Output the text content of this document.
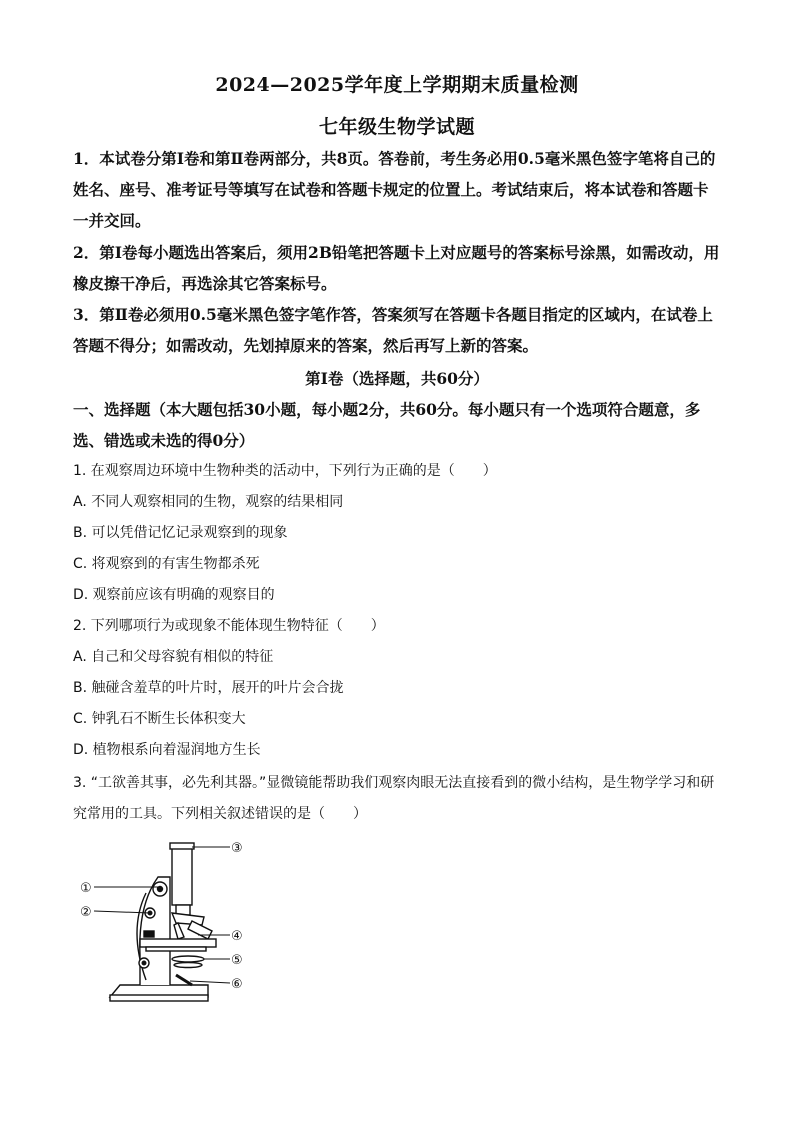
2024—2025学年度上学期期末质量检测
七年级生物学试题
1．本试卷分第Ⅰ卷和第Ⅱ卷两部分，共8页。答卷前，考生务必用0.5毫米黑色签字笔将自己的姓名、座号、准考证号等填写在试卷和答题卡规定的位置上。考试结束后，将本试卷和答题卡一并交回。
2．第Ⅰ卷每小题选出答案后，须用2B铅笔把答题卡上对应题号的答案标号涂黑，如需改动，用橡皮擦干净后，再选涂其它答案标号。
3．第Ⅱ卷必须用0.5毫米黑色签字笔作答，答案须写在答题卡各题目指定的区域内，在试卷上答题不得分；如需改动，先划掉原来的答案，然后再写上新的答案。
第Ⅰ卷（选择题，共60分）
一、选择题（本大题包括30小题，每小题2分，共60分。每小题只有一个选项符合题意，多选、错选或未选的得0分）
1. 在观察周边环境中生物种类的活动中，下列行为正确的是（　　）
A. 不同人观察相同的生物，观察的结果相同
B. 可以凭借记忆记录观察到的现象
C. 将观察到的有害生物都杀死
D. 观察前应该有明确的观察目的
2. 下列哪项行为或现象不能体现生物特征（　　）
A. 自己和父母容貌有相似的特征
B. 触碰含羞草的叶片时，展开的叶片会合拢
C. 钟乳石不断生长体积变大
D. 植物根系向着湿润地方生长
3. “工欲善其事，必先利其器。”显微镜能帮助我们观察肉眼无法直接看到的微小结构，是生物学学习和研究常用的工具。下列相关叙述错误的是（　　）
①
②
③
④
⑤
⑥
